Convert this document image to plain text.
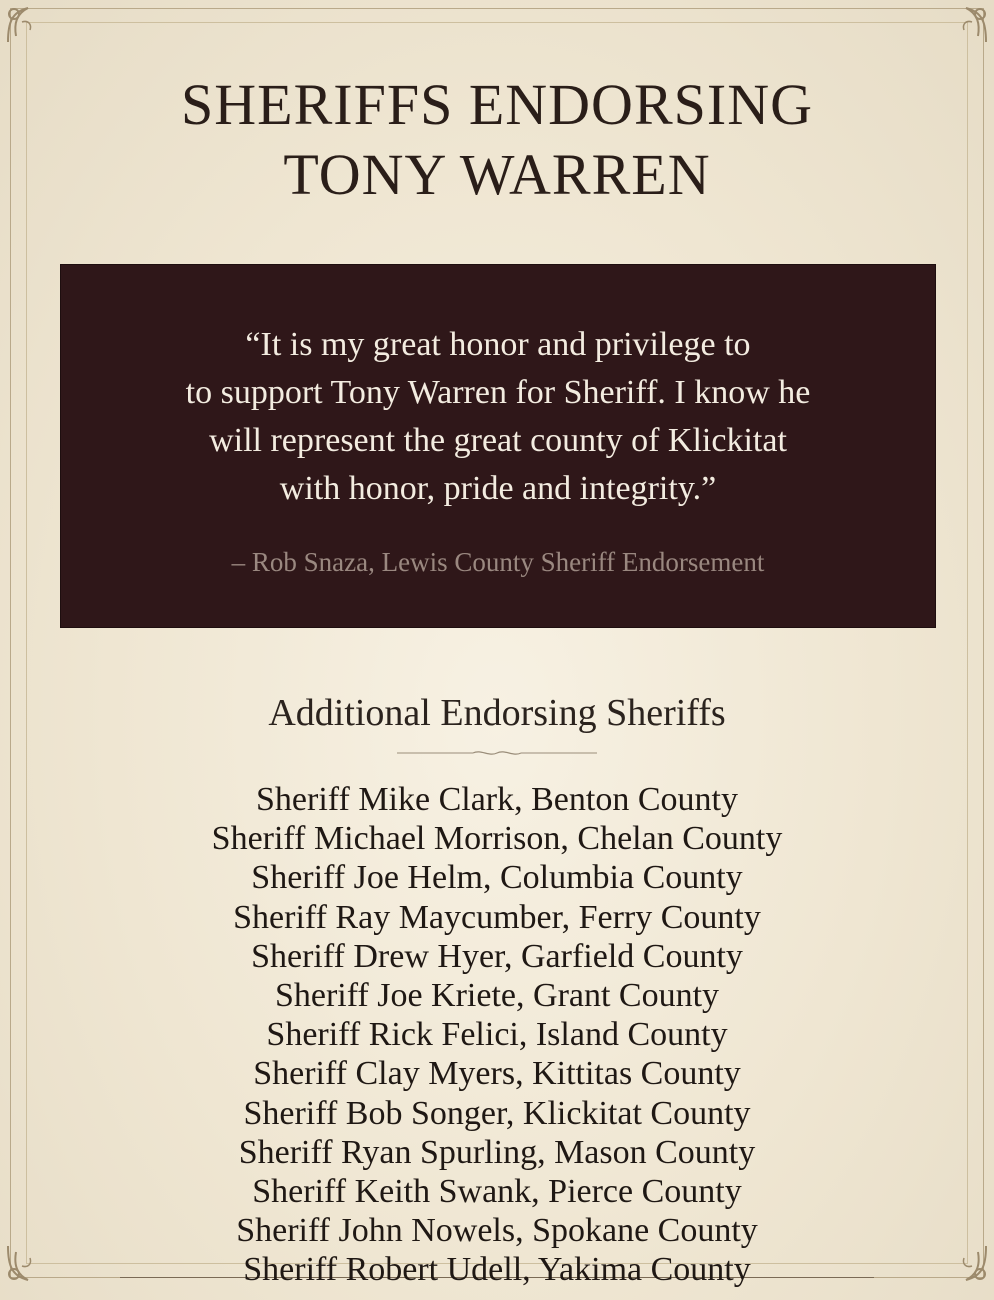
SHERIFFS ENDORSING
TONY WARREN
“It is my great honor and privilege to
to support Tony Warren for Sheriff. I know he
will represent the great county of Klickitat
with honor, pride and integrity.”
– Rob Snaza, Lewis County Sheriff Endorsement
Additional Endorsing Sheriffs
Sheriff Mike Clark, Benton County
Sheriff Michael Morrison, Chelan County
Sheriff Joe Helm, Columbia County
Sheriff Ray Maycumber, Ferry County
Sheriff Drew Hyer, Garfield County
Sheriff Joe Kriete, Grant County
Sheriff Rick Felici, Island County
Sheriff Clay Myers, Kittitas County
Sheriff Bob Songer, Klickitat County
Sheriff Ryan Spurling, Mason County
Sheriff Keith Swank, Pierce County
Sheriff John Nowels, Spokane County
Sheriff Robert Udell, Yakima County
